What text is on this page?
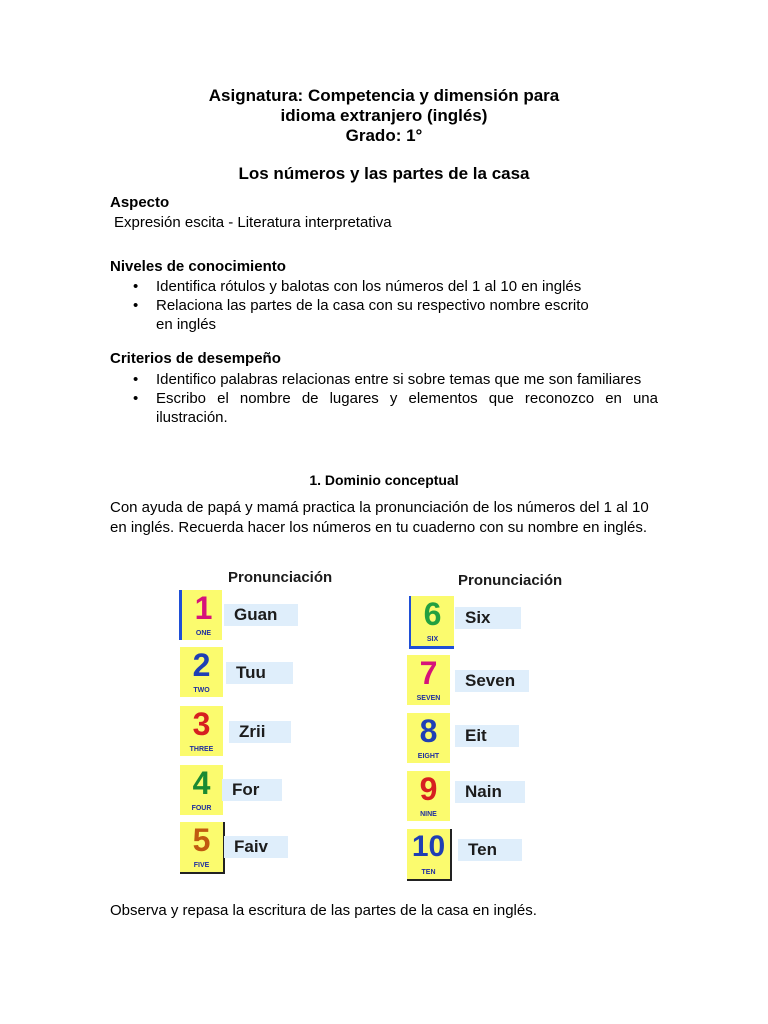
Asignatura: Competencia y dimensión para
idioma extranjero (inglés)
Grado: 1°
Los números y las partes de la casa
Aspecto
Expresión escita - Literatura interpretativa
Niveles de conocimiento
• Identifica rótulos y balotas con los números del 1 al 10 en inglés
• Relaciona las partes de la casa con su respectivo nombre escrito en inglés
Criterios de desempeño
• Identifico palabras relacionas entre si sobre temas que me son familiares
• Escribo el nombre de lugares y elementos que reconozco en una ilustración.
1. Dominio conceptual
Con ayuda de papá y mamá practica la pronunciación de los números del 1 al 10 en inglés. Recuerda hacer los números en tu cuaderno con su nombre en inglés.
Pronunciación	Pronunciación
1
ONE
Guan
2
TWO
Tuu
3
THREE
Zrii
4
FOUR
For
5
FIVE
Faiv
6
SIX
Six
7
SEVEN
Seven
8
EIGHT
Eit
9
NINE
Nain
10
TEN
Ten
Observa y repasa la escritura de las partes de la casa en inglés.
